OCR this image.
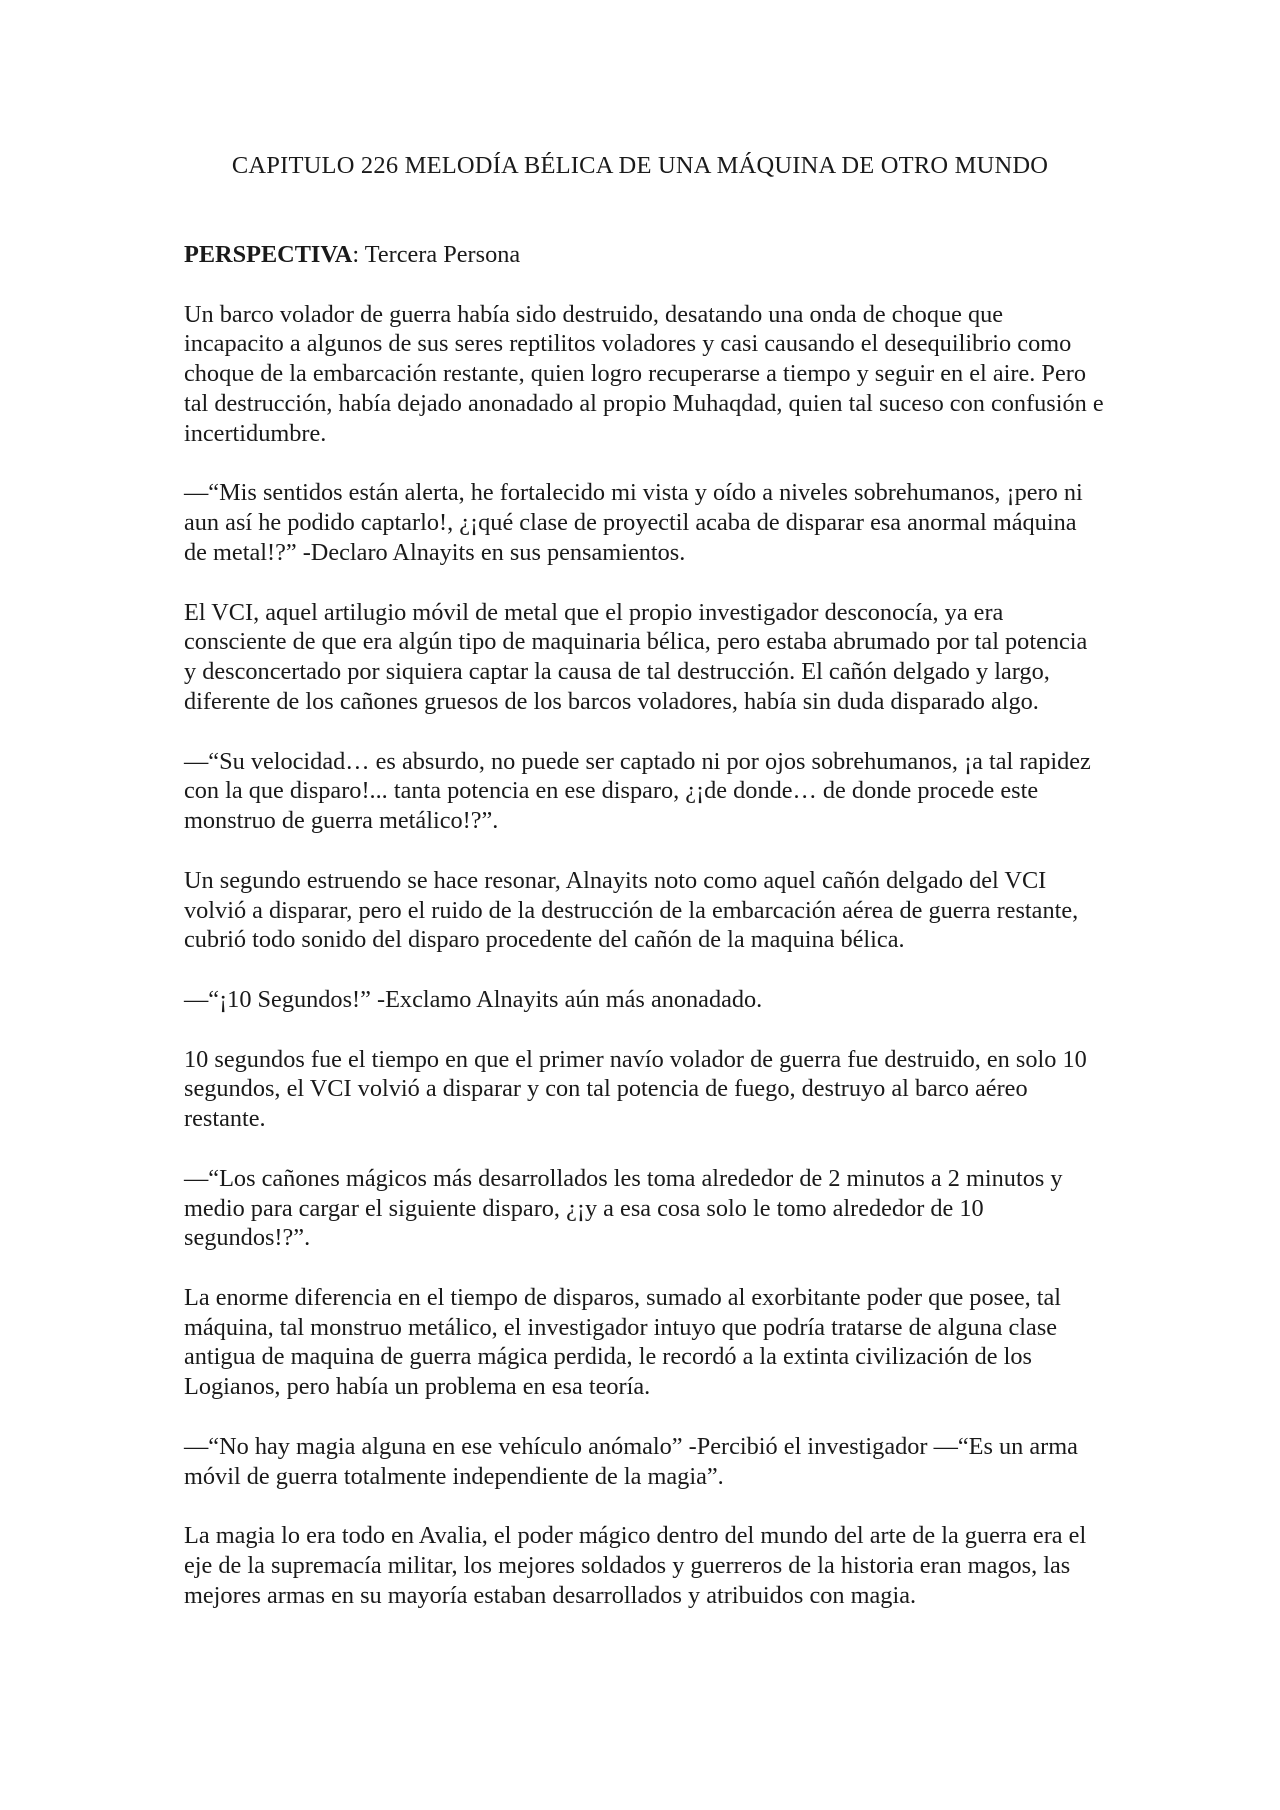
CAPITULO 226 MELODÍA BÉLICA DE UNA MÁQUINA DE OTRO MUNDO

PERSPECTIVA: Tercera Persona

Un barco volador de guerra había sido destruido, desatando una onda de choque que incapacito a algunos de sus seres reptilitos voladores y casi causando el desequilibrio como choque de la embarcación restante, quien logro recuperarse a tiempo y seguir en el aire. Pero tal destrucción, había dejado anonadado al propio Muhaqdad, quien tal suceso con confusión e incertidumbre.

—“Mis sentidos están alerta, he fortalecido mi vista y oído a niveles sobrehumanos, ¡pero ni aun así he podido captarlo!, ¿¡qué clase de proyectil acaba de disparar esa anormal máquina de metal!?” -Declaro Alnayits en sus pensamientos.

El VCI, aquel artilugio móvil de metal que el propio investigador desconocía, ya era consciente de que era algún tipo de maquinaria bélica, pero estaba abrumado por tal potencia y desconcertado por siquiera captar la causa de tal destrucción. El cañón delgado y largo, diferente de los cañones gruesos de los barcos voladores, había sin duda disparado algo.

—“Su velocidad… es absurdo, no puede ser captado ni por ojos sobrehumanos, ¡a tal rapidez con la que disparo!... tanta potencia en ese disparo, ¿¡de donde… de donde procede este monstruo de guerra metálico!?”.

Un segundo estruendo se hace resonar, Alnayits noto como aquel cañón delgado del VCI volvió a disparar, pero el ruido de la destrucción de la embarcación aérea de guerra restante, cubrió todo sonido del disparo procedente del cañón de la maquina bélica.

—“¡10 Segundos!” -Exclamo Alnayits aún más anonadado.

10 segundos fue el tiempo en que el primer navío volador de guerra fue destruido, en solo 10 segundos, el VCI volvió a disparar y con tal potencia de fuego, destruyo al barco aéreo restante.

—“Los cañones mágicos más desarrollados les toma alrededor de 2 minutos a 2 minutos y medio para cargar el siguiente disparo, ¿¡y a esa cosa solo le tomo alrededor de 10 segundos!?”.

La enorme diferencia en el tiempo de disparos, sumado al exorbitante poder que posee, tal máquina, tal monstruo metálico, el investigador intuyo que podría tratarse de alguna clase antigua de maquina de guerra mágica perdida, le recordó a la extinta civilización de los Logianos, pero había un problema en esa teoría.

—“No hay magia alguna en ese vehículo anómalo” -Percibió el investigador —“Es un arma móvil de guerra totalmente independiente de la magia”.

La magia lo era todo en Avalia, el poder mágico dentro del mundo del arte de la guerra era el eje de la supremacía militar, los mejores soldados y guerreros de la historia eran magos, las mejores armas en su mayoría estaban desarrollados y atribuidos con magia.
